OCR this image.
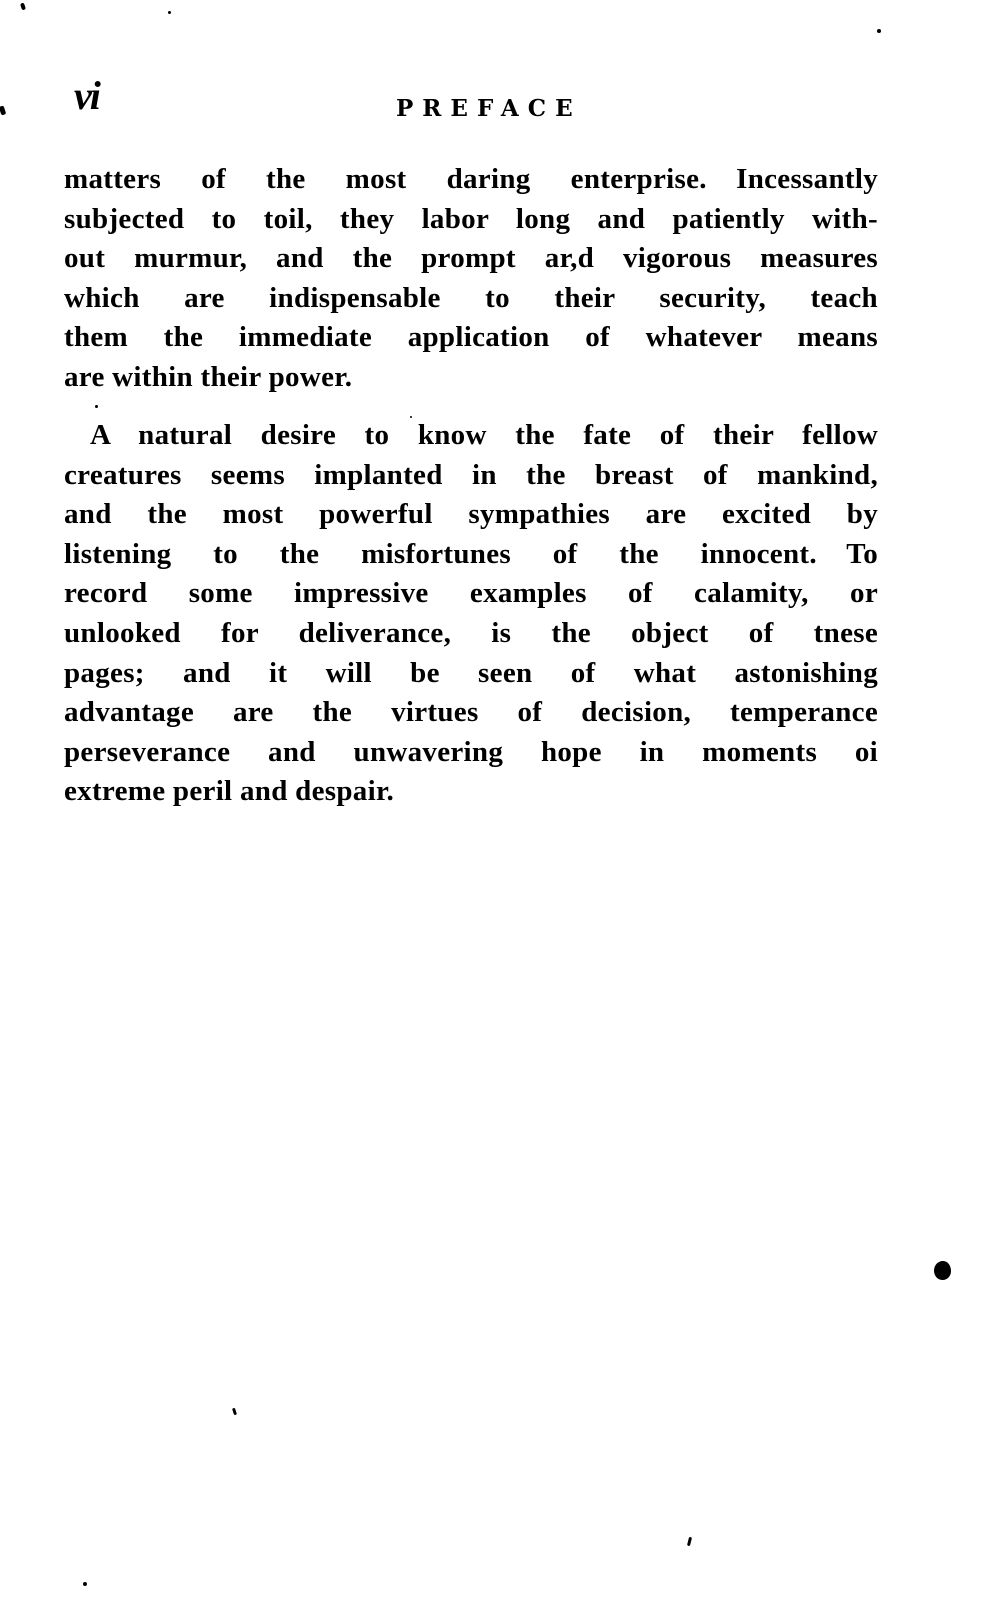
vi	PREFACE
matters of the most daring enterprise. Incessantly
subjected to toil, they labor long and patiently with-
out murmur, and the prompt ar,d vigorous measures
which are indispensable to their security, teach
them the immediate application of whatever means
are within their power.
A natural desire to know the fate of their fellow
creatures seems implanted in the breast of mankind,
and the most powerful sympathies are excited by
listening to the misfortunes of the innocent. To
record some impressive examples of calamity, or
unlooked for deliverance, is the object of tnese
pages; and it will be seen of what astonishing
advantage are the virtues of decision, temperance
perseverance and unwavering hope in moments oi
extreme peril and despair.
